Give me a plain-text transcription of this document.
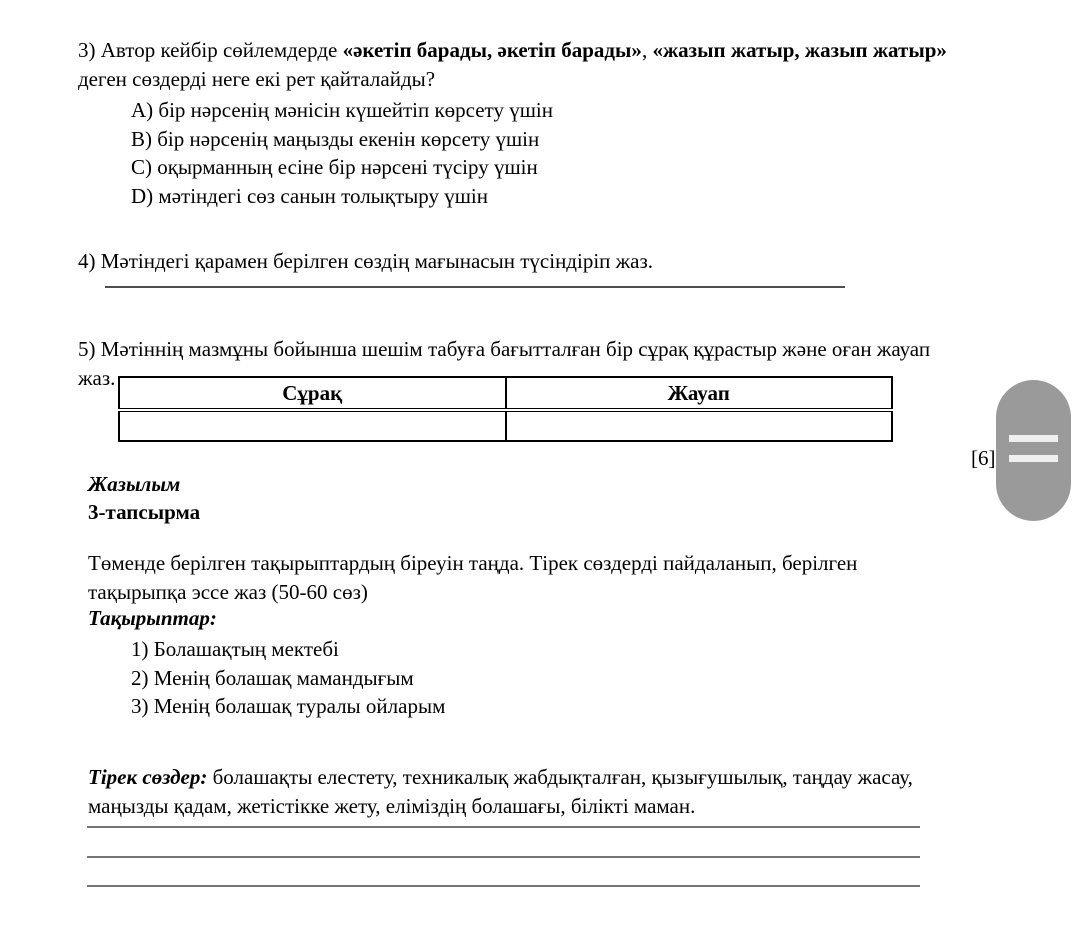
3) Автор кейбір сөйлемдерде «әкетіп барады, әкетіп барады», «жазып жатыр, жазып жатыр» деген сөздерді неге екі рет қайталайды?

A) бір нәрсенің мәнісін күшейтіп көрсету үшін
B) бір нәрсенің маңызды екенін көрсету үшін
C) оқырманның есіне бір нәрсені түсіру үшін
D) мәтіндегі сөз санын толықтыру үшін

4) Мәтіндегі қарамен берілген сөздің мағынасын түсіндіріп жаз.

5) Мәтіннің мазмұны бойынша шешім табуға бағытталған бір сұрақ құрастыр және оған жауап жаз.

Сұрақ	Жауап

[6]
Жазылым
3-тапсырма

Төменде берілген тақырыптардың біреуін таңда. Тірек сөздерді пайдаланып, берілген тақырыпқа эссе жаз (50-60 сөз)

Тақырыптар:
1) Болашақтың мектебі
2) Менің болашақ мамандығым
3) Менің болашақ туралы ойларым

Тірек сөздер: болашақты елестету, техникалық жабдықталған, қызығушылық, таңдау жасау, маңызды қадам, жетістікке жету, еліміздің болашағы, білікті маман.
